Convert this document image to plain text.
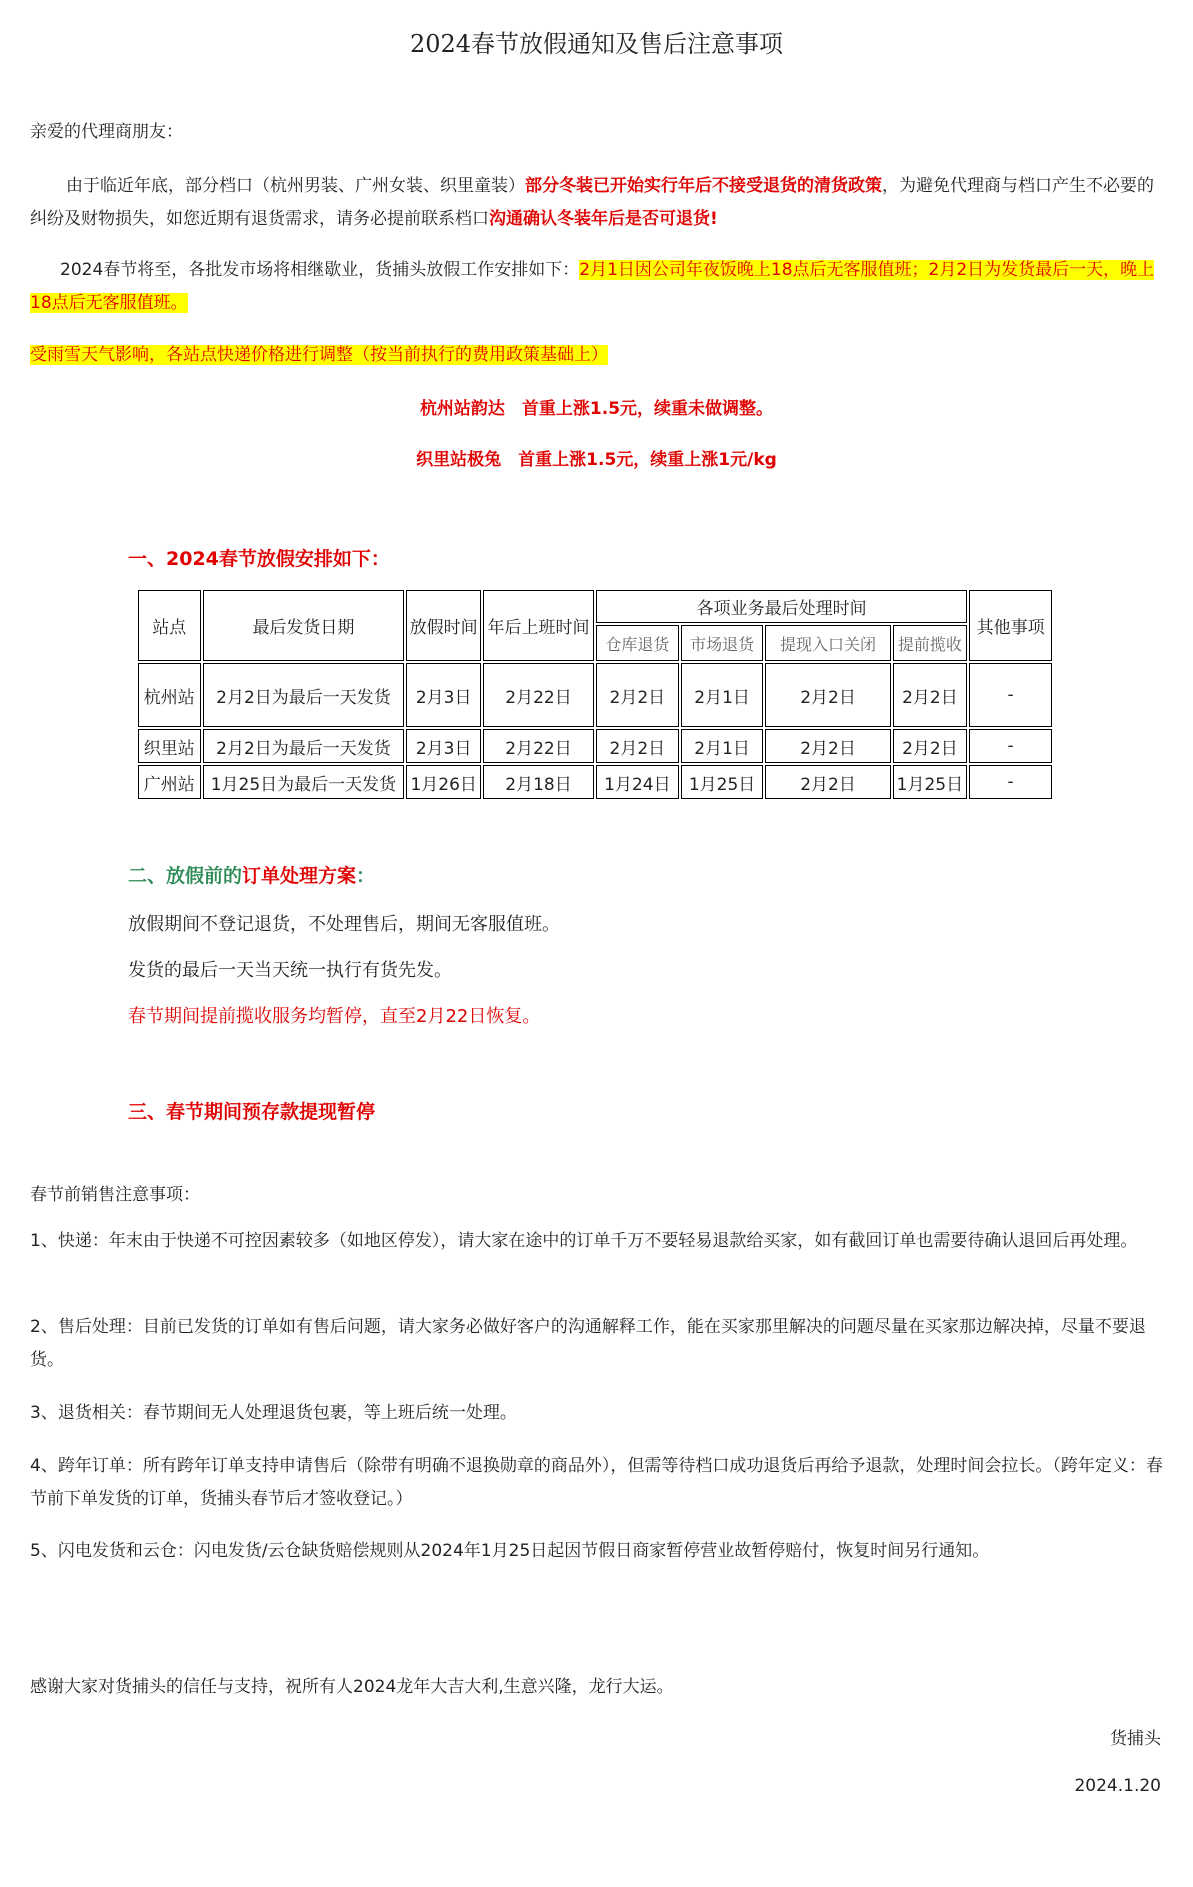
2024春节放假通知及售后注意事项
亲爱的代理商朋友：
由于临近年底，部分档口（杭州男装、广州女装、织里童装）部分冬装已开始实行年后不接受退货的清货政策，为避免代理商与档口产生不必要的纠纷及财物损失，如您近期有退货需求，请务必提前联系档口沟通确认冬装年后是否可退货!
2024春节将至，各批发市场将相继歇业，货捕头放假工作安排如下：2月1日因公司年夜饭晚上18点后无客服值班；2月2日为发货最后一天，晚上18点后无客服值班。
受雨雪天气影响，各站点快递价格进行调整（按当前执行的费用政策基础上）
杭州站韵达　首重上涨1.5元，续重未做调整。
织里站极兔　首重上涨1.5元，续重上涨1元/kg
一、2024春节放假安排如下：
站点	最后发货日期	放假时间	年后上班时间	各项业务最后处理时间				其他事项
				仓库退货	市场退货	提现入口关闭	提前揽收	
杭州站	2月2日为最后一天发货	2月3日	2月22日	2月2日	2月1日	2月2日	2月2日	-
织里站	2月2日为最后一天发货	2月3日	2月22日	2月2日	2月1日	2月2日	2月2日	-
广州站	1月25日为最后一天发货	1月26日	2月18日	1月24日	1月25日	2月2日	1月25日	-
二、放假前的订单处理方案：
放假期间不登记退货，不处理售后，期间无客服值班。
发货的最后一天当天统一执行有货先发。
春节期间提前揽收服务均暂停，直至2月22日恢复。
三、春节期间预存款提现暂停
春节前销售注意事项：
1、快递：年末由于快递不可控因素较多（如地区停发），请大家在途中的订单千万不要轻易退款给买家，如有截回订单也需要待确认退回后再处理。
2、售后处理：目前已发货的订单如有售后问题，请大家务必做好客户的沟通解释工作，能在买家那里解决的问题尽量在买家那边解决掉，尽量不要退货。
3、退货相关：春节期间无人处理退货包裹，等上班后统一处理。
4、跨年订单：所有跨年订单支持申请售后（除带有明确不退换勋章的商品外），但需等待档口成功退货后再给予退款，处理时间会拉长。（跨年定义：春节前下单发货的订单，货捕头春节后才签收登记。）
5、闪电发货和云仓：闪电发货/云仓缺货赔偿规则从2024年1月25日起因节假日商家暂停营业故暂停赔付，恢复时间另行通知。
感谢大家对货捕头的信任与支持，祝所有人2024龙年大吉大利,生意兴隆，龙行大运。
货捕头
2024.1.20
